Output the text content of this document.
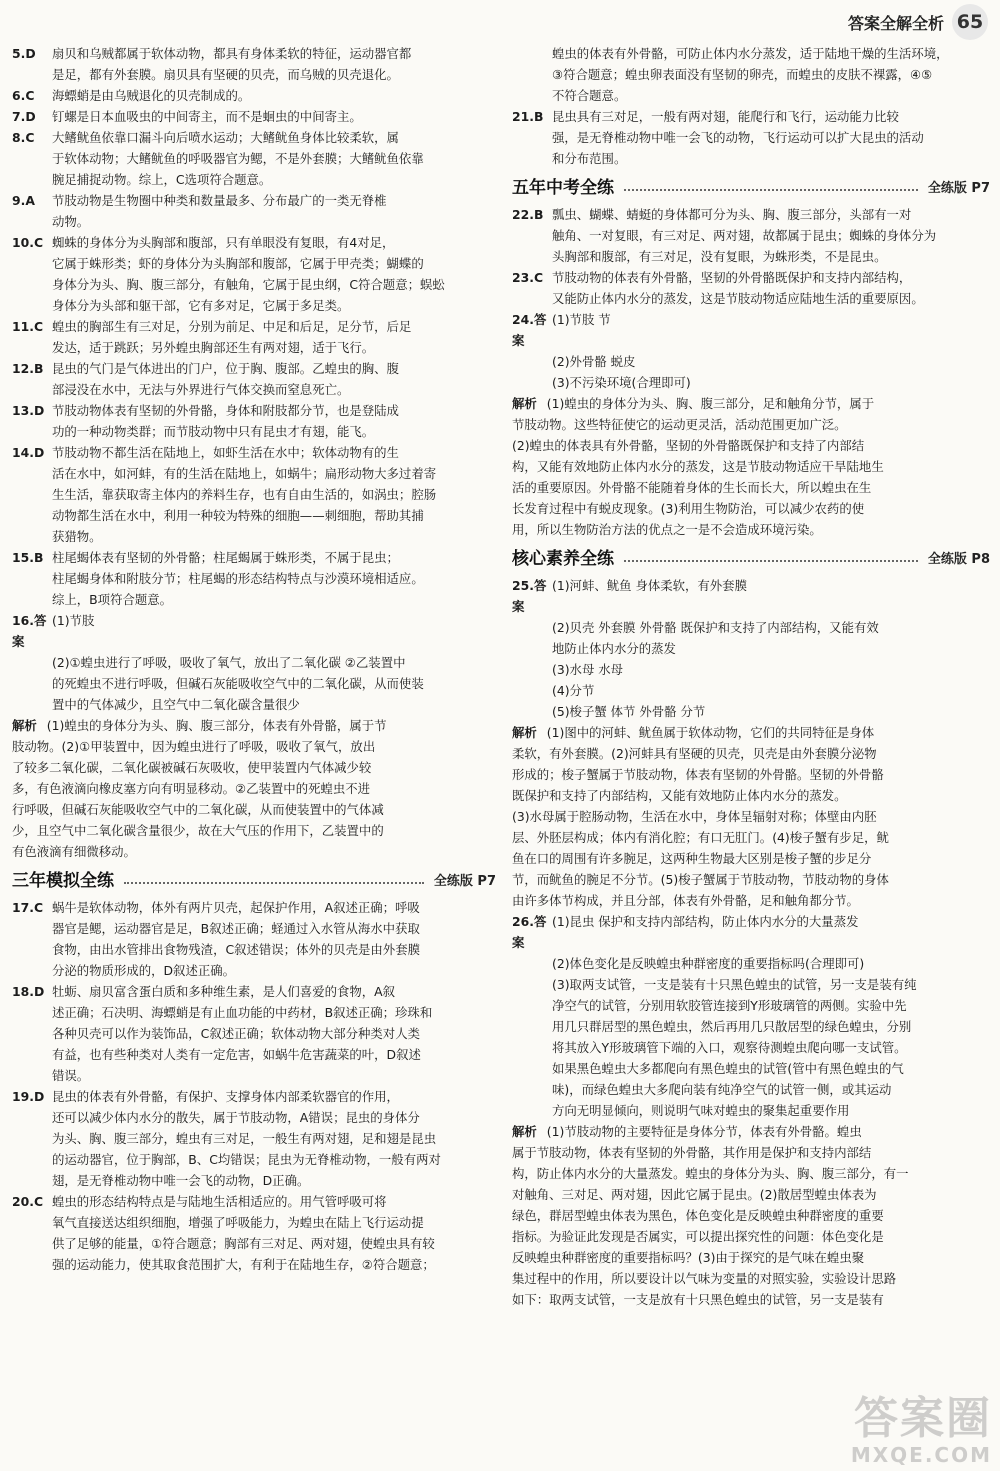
答案全解全析 65
5.D	扇贝和乌贼都属于软体动物，都具有身体柔软的特征，运动器官都
是足，都有外套膜。扇贝具有坚硬的贝壳，而乌贼的贝壳退化。
6.C	海螵蛸是由乌贼退化的贝壳制成的。
7.D	钉螺是日本血吸虫的中间寄主，而不是蛔虫的中间寄主。
8.C	大鳍鱿鱼依靠口漏斗向后喷水运动；大鳍鱿鱼身体比较柔软，属
于软体动物；大鳍鱿鱼的呼吸器官为鳃，不是外套膜；大鳍鱿鱼依靠
腕足捕捉动物。综上，C选项符合题意。
9.A	节肢动物是生物圈中种类和数量最多、分布最广的一类无脊椎
动物。
10.C 蜘蛛的身体分为头胸部和腹部，只有单眼没有复眼，有4对足，
它属于蛛形类；虾的身体分为头胸部和腹部，它属于甲壳类；蝴蝶的
身体分为头、胸、腹三部分，有触角，它属于昆虫纲，C符合题意；蜈蚣
身体分为头部和躯干部，它有多对足，它属于多足类。
11.C 蝗虫的胸部生有三对足，分别为前足、中足和后足，足分节，后足
发达，适于跳跃；另外蝗虫胸部还生有两对翅，适于飞行。
12.B 昆虫的气门是气体进出的门户，位于胸、腹部。乙蝗虫的胸、腹
部浸没在水中，无法与外界进行气体交换而窒息死亡。
13.D 节肢动物体表有坚韧的外骨骼，身体和附肢都分节，也是登陆成
功的一种动物类群；而节肢动物中只有昆虫才有翅，能飞。
14.D 节肢动物不都生活在陆地上，如虾生活在水中；软体动物有的生
活在水中，如河蚌，有的生活在陆地上，如蜗牛；扁形动物大多过着寄
生生活，靠获取寄主体内的养料生存，也有自由生活的，如涡虫；腔肠
动物都生活在水中，利用一种较为特殊的细胞——刺细胞，帮助其捕
获猎物。
15.B 柱尾蝎体表有坚韧的外骨骼；柱尾蝎属于蛛形类，不属于昆虫；
柱尾蝎身体和附肢分节；柱尾蝎的形态结构特点与沙漠环境相适应。
综上，B项符合题意。
16.答案
(1)节肢
(2)①蝗虫进行了呼吸，吸收了氧气，放出了二氧化碳 ②乙装置中
的死蝗虫不进行呼吸，但碱石灰能吸收空气中的二氧化碳，从而使装
置中的气体减少，且空气中二氧化碳含量很少
解析 (1)蝗虫的身体分为头、胸、腹三部分，体表有外骨骼，属于节
肢动物。(2)①甲装置中，因为蝗虫进行了呼吸，吸收了氧气，放出
了较多二氧化碳，二氧化碳被碱石灰吸收，使甲装置内气体减少较
多，有色液滴向橡皮塞方向有明显移动。②乙装置中的死蝗虫不进
行呼吸，但碱石灰能吸收空气中的二氧化碳，从而使装置中的气体减
少，且空气中二氧化碳含量很少，故在大气压的作用下，乙装置中的
有色液滴有细微移动。
三年模拟全练	全练版 P7
17.C 蜗牛是软体动物，体外有两片贝壳，起保护作用，A叙述正确；呼吸
器官是鳃，运动器官是足，B叙述正确；蛏通过入水管从海水中获取
食物，由出水管排出食物残渣，C叙述错误；体外的贝壳是由外套膜
分泌的物质形成的，D叙述正确。
18.D 牡蛎、扇贝富含蛋白质和多种维生素，是人们喜爱的食物，A叙
述正确；石决明、海螵蛸是有止血功能的中药材，B叙述正确；珍珠和
各种贝壳可以作为装饰品，C叙述正确；软体动物大部分种类对人类
有益，也有些种类对人类有一定危害，如蜗牛危害蔬菜的叶，D叙述
错误。
19.D 昆虫的体表有外骨骼，有保护、支撑身体内部柔软器官的作用，
还可以减少体内水分的散失，属于节肢动物，A错误；昆虫的身体分
为头、胸、腹三部分，蝗虫有三对足，一般生有两对翅，足和翅是昆虫
的运动器官，位于胸部，B、C均错误；昆虫为无脊椎动物，一般有两对
翅，是无脊椎动物中唯一会飞的动物，D正确。
20.C 蝗虫的形态结构特点是与陆地生活相适应的。用气管呼吸可将
氧气直接送达组织细胞，增强了呼吸能力，为蝗虫在陆上飞行运动提
供了足够的能量，①符合题意；胸部有三对足、两对翅，使蝗虫具有较
强的运动能力，使其取食范围扩大，有利于在陆地生存，②符合题意；
蝗虫的体表有外骨骼，可防止体内水分蒸发，适于陆地干燥的生活环境，
③符合题意；蝗虫卵表面没有坚韧的卵壳，而蝗虫的皮肤不裸露，④⑤
不符合题意。
21.B 昆虫具有三对足，一般有两对翅，能爬行和飞行，运动能力比较
强，是无脊椎动物中唯一会飞的动物，飞行运动可以扩大昆虫的活动
和分布范围。
五年中考全练	全练版 P7
22.B 瓢虫、蝴蝶、蜻蜓的身体都可分为头、胸、腹三部分，头部有一对
触角、一对复眼，有三对足、两对翅，故都属于昆虫；蜘蛛的身体分为
头胸部和腹部，有三对足，没有复眼，为蛛形类，不是昆虫。
23.C 节肢动物的体表有外骨骼，坚韧的外骨骼既保护和支持内部结构，
又能防止体内水分的蒸发，这是节肢动物适应陆地生活的重要原因。
24.答案
(1)节肢 节
(2)外骨骼 蜕皮
(3)不污染环境(合理即可)
解析 (1)蝗虫的身体分为头、胸、腹三部分，足和触角分节，属于
节肢动物。这些特征使它的运动更灵活，活动范围更加广泛。
(2)蝗虫的体表具有外骨骼，坚韧的外骨骼既保护和支持了内部结
构，又能有效地防止体内水分的蒸发，这是节肢动物适应干旱陆地生
活的重要原因。外骨骼不能随着身体的生长而长大，所以蝗虫在生
长发育过程中有蜕皮现象。(3)利用生物防治，可以减少农药的使
用，所以生物防治方法的优点之一是不会造成环境污染。
核心素养全练	全练版 P8
25.答案
(1)河蚌、鱿鱼 身体柔软，有外套膜
(2)贝壳 外套膜 外骨骼 既保护和支持了内部结构，又能有效
地防止体内水分的蒸发
(3)水母 水母
(4)分节
(5)梭子蟹 体节 外骨骼 分节
解析 (1)图中的河蚌、鱿鱼属于软体动物，它们的共同特征是身体
柔软，有外套膜。(2)河蚌具有坚硬的贝壳，贝壳是由外套膜分泌物
形成的；梭子蟹属于节肢动物，体表有坚韧的外骨骼。坚韧的外骨骼
既保护和支持了内部结构，又能有效地防止体内水分的蒸发。
(3)水母属于腔肠动物，生活在水中，身体呈辐射对称；体壁由内胚
层、外胚层构成；体内有消化腔；有口无肛门。(4)梭子蟹有步足，鱿
鱼在口的周围有许多腕足，这两种生物最大区别是梭子蟹的步足分
节，而鱿鱼的腕足不分节。(5)梭子蟹属于节肢动物，节肢动物的身体
由许多体节构成，并且分部，体表有外骨骼，足和触角都分节。
26.答案
(1)昆虫 保护和支持内部结构，防止体内水分的大量蒸发
(2)体色变化是反映蝗虫种群密度的重要指标吗(合理即可)
(3)取两支试管，一支是装有十只黑色蝗虫的试管，另一支是装有纯
净空气的试管，分别用软胶管连接到Y形玻璃管的两侧。实验中先
用几只群居型的黑色蝗虫，然后再用几只散居型的绿色蝗虫，分别
将其放入Y形玻璃管下端的入口，观察待测蝗虫爬向哪一支试管。
如果黑色蝗虫大多都爬向有黑色蝗虫的试管(管中有黑色蝗虫的气
味)，而绿色蝗虫大多爬向装有纯净空气的试管一侧，或其运动
方向无明显倾向，则说明气味对蝗虫的聚集起重要作用
解析 (1)节肢动物的主要特征是身体分节，体表有外骨骼。蝗虫
属于节肢动物，体表有坚韧的外骨骼，其作用是保护和支持内部结
构，防止体内水分的大量蒸发。蝗虫的身体分为头、胸、腹三部分，有一
对触角、三对足、两对翅，因此它属于昆虫。(2)散居型蝗虫体表为
绿色，群居型蝗虫体表为黑色，体色变化是反映蝗虫种群密度的重要
指标。为验证此发现是否属实，可以提出探究性的问题：体色变化是
反映蝗虫种群密度的重要指标吗？(3)由于探究的是气味在蝗虫聚
集过程中的作用，所以要设计以气味为变量的对照实验，实验设计思路
如下：取两支试管，一支是放有十只黑色蝗虫的试管，另一支是装有
答案圈
MXQE.COM
